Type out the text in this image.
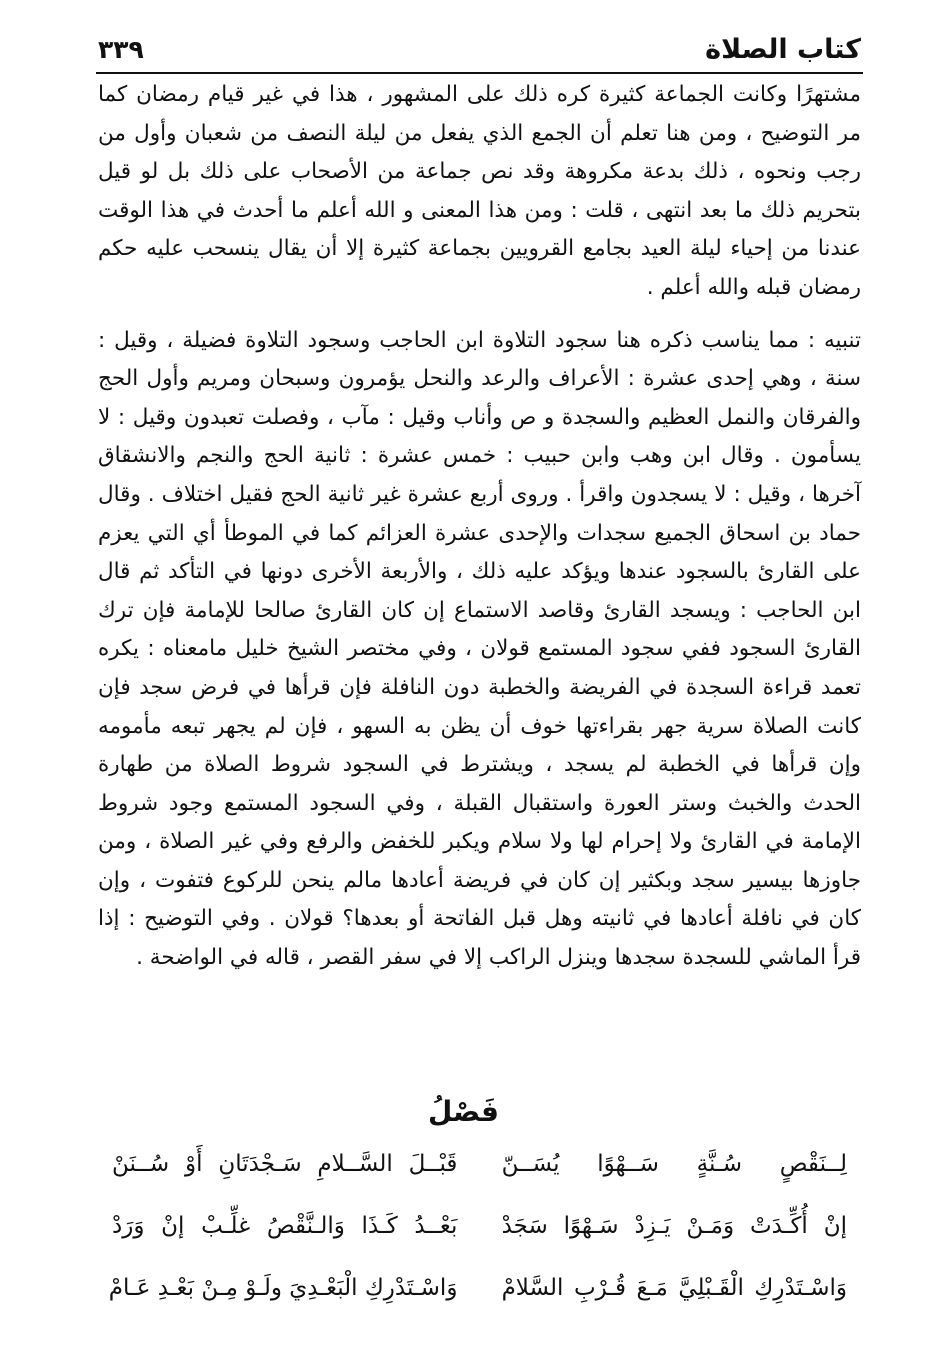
كتاب الصلاة
٣٣٩

مشتهرًا وكانت الجماعة كثيرة كره ذلك على المشهور ، هذا في غير قيام رمضان كما مر التوضيح ، ومن هنا تعلم أن الجمع الذي يفعل من ليلة النصف من شعبان وأول من رجب ونحوه ، ذلك بدعة مكروهة وقد نص جماعة من الأصحاب على ذلك بل لو قيل بتحريم ذلك ما بعد انتهى ، قلت : ومن هذا المعنى و الله أعلم ما أحدث في هذا الوقت عندنا من إحياء ليلة العيد بجامع القرويين بجماعة كثيرة إلا أن يقال ينسحب عليه حكم رمضان قبله والله أعلم .

تنبيه : مما يناسب ذكره هنا سجود التلاوة ابن الحاجب وسجود التلاوة فضيلة ، وقيل : سنة ، وهي إحدى عشرة : الأعراف والرعد والنحل يؤمرون وسبحان ومريم وأول الحج والفرقان والنمل العظيم والسجدة و ص وأناب وقيل : مآب ، وفصلت تعبدون وقيل : لا يسأمون . وقال ابن وهب وابن حبيب : خمس عشرة : ثانية الحج والنجم والانشقاق آخرها ، وقيل : لا يسجدون واقرأ . وروى أربع عشرة غير ثانية الحج فقيل اختلاف . وقال حماد بن اسحاق الجميع سجدات والإحدى عشرة العزائم كما في الموطأ أي التي يعزم على القارئ بالسجود عندها ويؤكد عليه ذلك ، والأربعة الأخرى دونها في التأكد ثم قال ابن الحاجب : ويسجد القارئ وقاصد الاستماع إن كان القارئ صالحا للإمامة فإن ترك القارئ السجود ففي سجود المستمع قولان ، وفي مختصر الشيخ خليل مامعناه : يكره تعمد قراءة السجدة في الفريضة والخطبة دون النافلة فإن قرأها في فرض سجد فإن كانت الصلاة سرية جهر بقراءتها خوف أن يظن به السهو ، فإن لم يجهر تبعه مأمومه وإن قرأها في الخطبة لم يسجد ، ويشترط في السجود شروط الصلاة من طهارة الحدث والخبث وستر العورة واستقبال القبلة ، وفي السجود المستمع وجود شروط الإمامة في القارئ ولا إحرام لها ولا سلام ويكبر للخفض والرفع وفي غير الصلاة ، ومن جاوزها بيسير سجد وبكثير إن كان في فريضة أعادها مالم ينحن للركوع فتفوت ، وإن كان في نافلة أعادها في ثانيته وهل قبل الفاتحة أو بعدها؟ قولان . وفي التوضيح : إذا قرأ الماشي للسجدة سجدها وينزل الراكب إلا في سفر القصر ، قاله في الواضحة .

فَصْلُ
لِــنَقْصٍ سُـنَّةٍ سَــهْوًا يُسَــنّ
قَبْــلَ السَّــلامِ سَـجْدَتَانِ أَوْ سُــنَنْ
إنْ أُكِّـدَتْ وَمَـنْ يَـزِدْ سَـهْوًا سَجَدْ
بَعْــدُ كَـذَا وَالـنَّقْصُ غلِّـبْ إنْ وَرَدْ
وَاسْـتَدْرِكِ الْقَـبْلِيَّ مَـعَ قُـرْبِ السَّلامْ
وَاسْـتَدْرِكِ الْبَعْـدِيَ ولَـوْ مِـنْ بَعْـدِ عَـامْ
